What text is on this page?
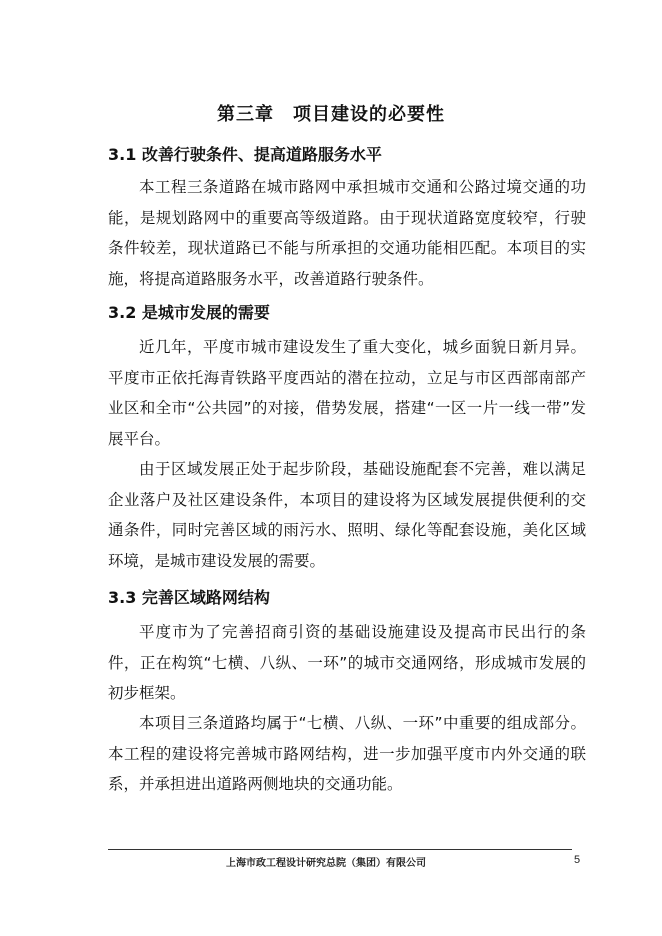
第三章　项目建设的必要性
3.1 改善行驶条件、提高道路服务水平
本工程三条道路在城市路网中承担城市交通和公路过境交通的功能，是规划路网中的重要高等级道路。由于现状道路宽度较窄，行驶条件较差，现状道路已不能与所承担的交通功能相匹配。本项目的实施，将提高道路服务水平，改善道路行驶条件。
3.2 是城市发展的需要
近几年，平度市城市建设发生了重大变化，城乡面貌日新月异。平度市正依托海青铁路平度西站的潜在拉动，立足与市区西部南部产业区和全市“公共园”的对接，借势发展，搭建“一区一片一线一带”发展平台。
由于区域发展正处于起步阶段，基础设施配套不完善，难以满足企业落户及社区建设条件，本项目的建设将为区域发展提供便利的交通条件，同时完善区域的雨污水、照明、绿化等配套设施，美化区域环境，是城市建设发展的需要。
3.3 完善区域路网结构
平度市为了完善招商引资的基础设施建设及提高市民出行的条件，正在构筑“七横、八纵、一环”的城市交通网络，形成城市发展的初步框架。
本项目三条道路均属于“七横、八纵、一环”中重要的组成部分。本工程的建设将完善城市路网结构，进一步加强平度市内外交通的联系，并承担进出道路两侧地块的交通功能。
上海市政工程设计研究总院（集团）有限公司	5
